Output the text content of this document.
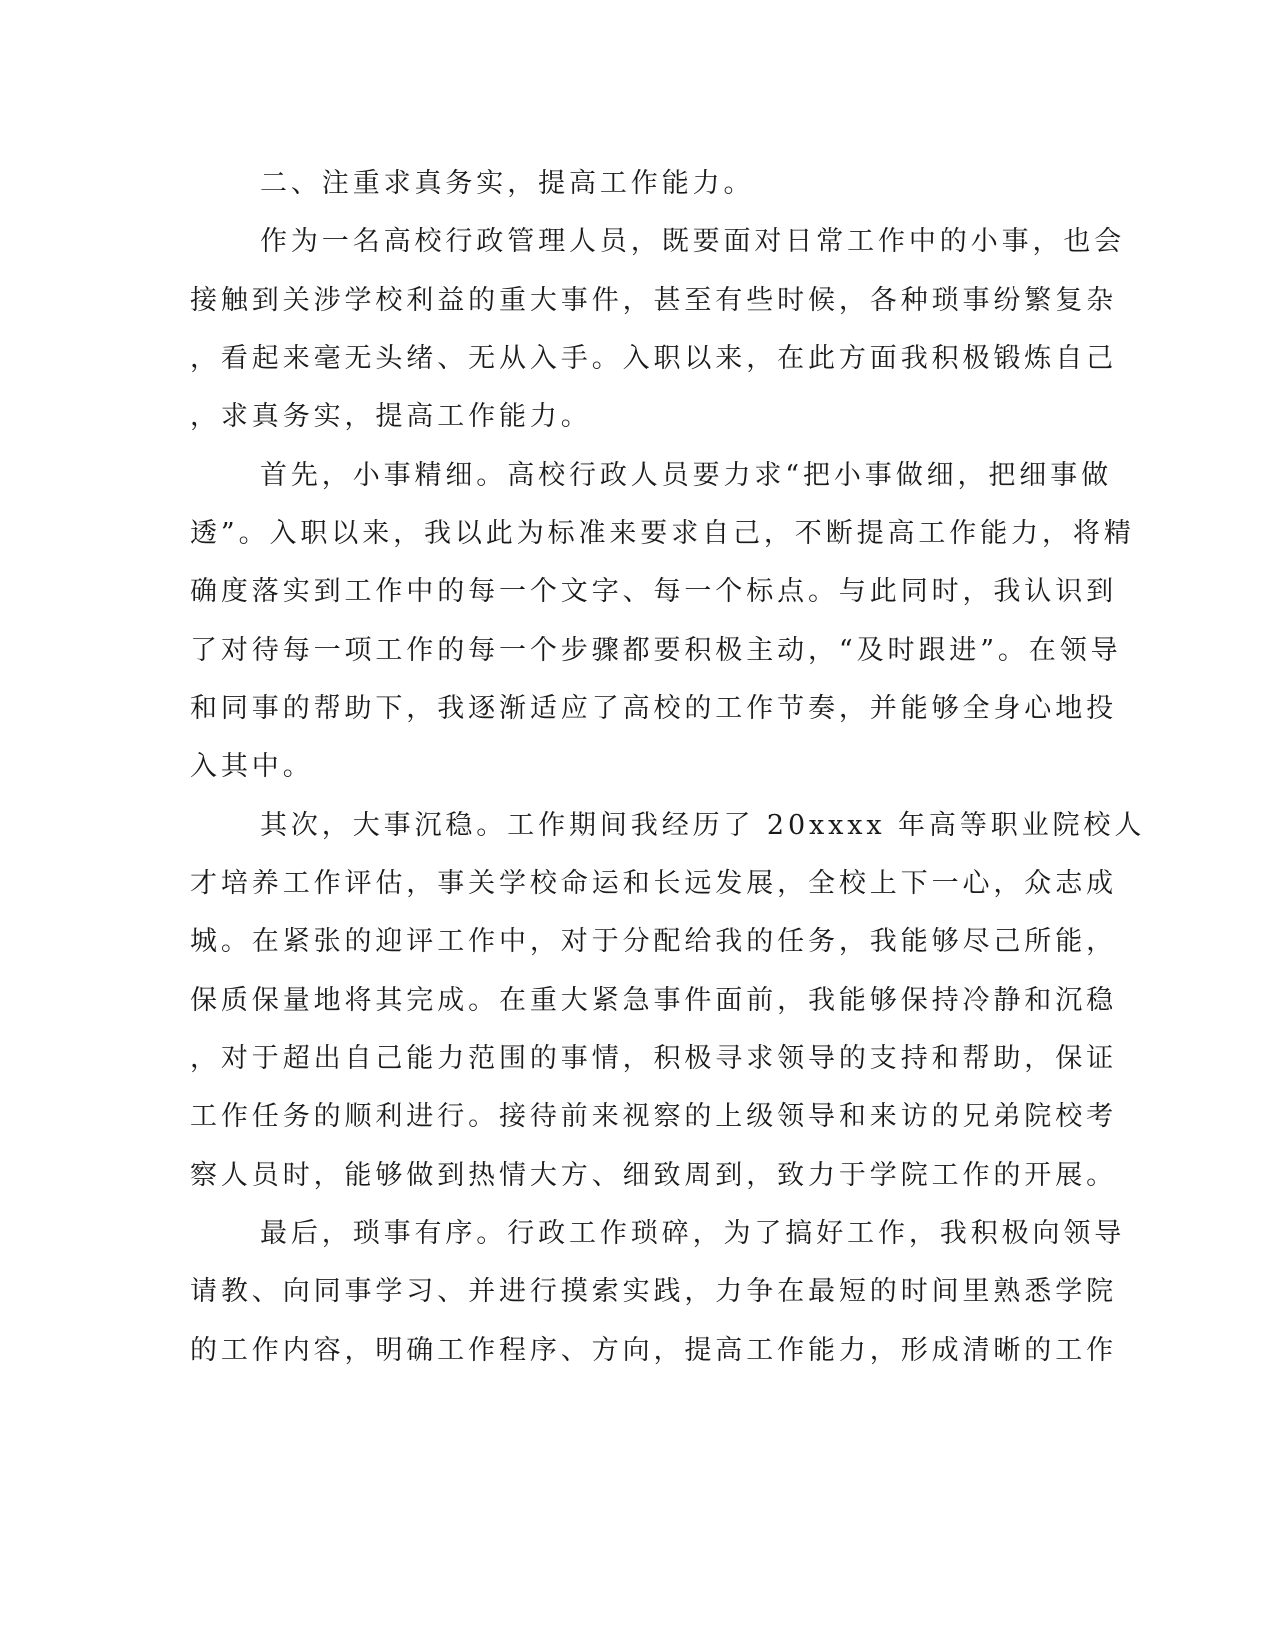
二、注重求真务实，提高工作能力。
作为一名高校行政管理人员，既要面对日常工作中的小事，也会
接触到关涉学校利益的重大事件，甚至有些时候，各种琐事纷繁复杂
，看起来毫无头绪、无从入手。入职以来，在此方面我积极锻炼自己
，求真务实，提高工作能力。
首先，小事精细。高校行政人员要力求“把小事做细，把细事做
透”。入职以来，我以此为标准来要求自己，不断提高工作能力，将精
确度落实到工作中的每一个文字、每一个标点。与此同时，我认识到
了对待每一项工作的每一个步骤都要积极主动，“及时跟进”。在领导
和同事的帮助下，我逐渐适应了高校的工作节奏，并能够全身心地投
入其中。
其次，大事沉稳。工作期间我经历了 20xxxx 年高等职业院校人
才培养工作评估，事关学校命运和长远发展，全校上下一心，众志成
城。在紧张的迎评工作中，对于分配给我的任务，我能够尽己所能，
保质保量地将其完成。在重大紧急事件面前，我能够保持冷静和沉稳
，对于超出自己能力范围的事情，积极寻求领导的支持和帮助，保证
工作任务的顺利进行。接待前来视察的上级领导和来访的兄弟院校考
察人员时，能够做到热情大方、细致周到，致力于学院工作的开展。
最后，琐事有序。行政工作琐碎，为了搞好工作，我积极向领导
请教、向同事学习、并进行摸索实践，力争在最短的时间里熟悉学院
的工作内容，明确工作程序、方向，提高工作能力，形成清晰的工作
